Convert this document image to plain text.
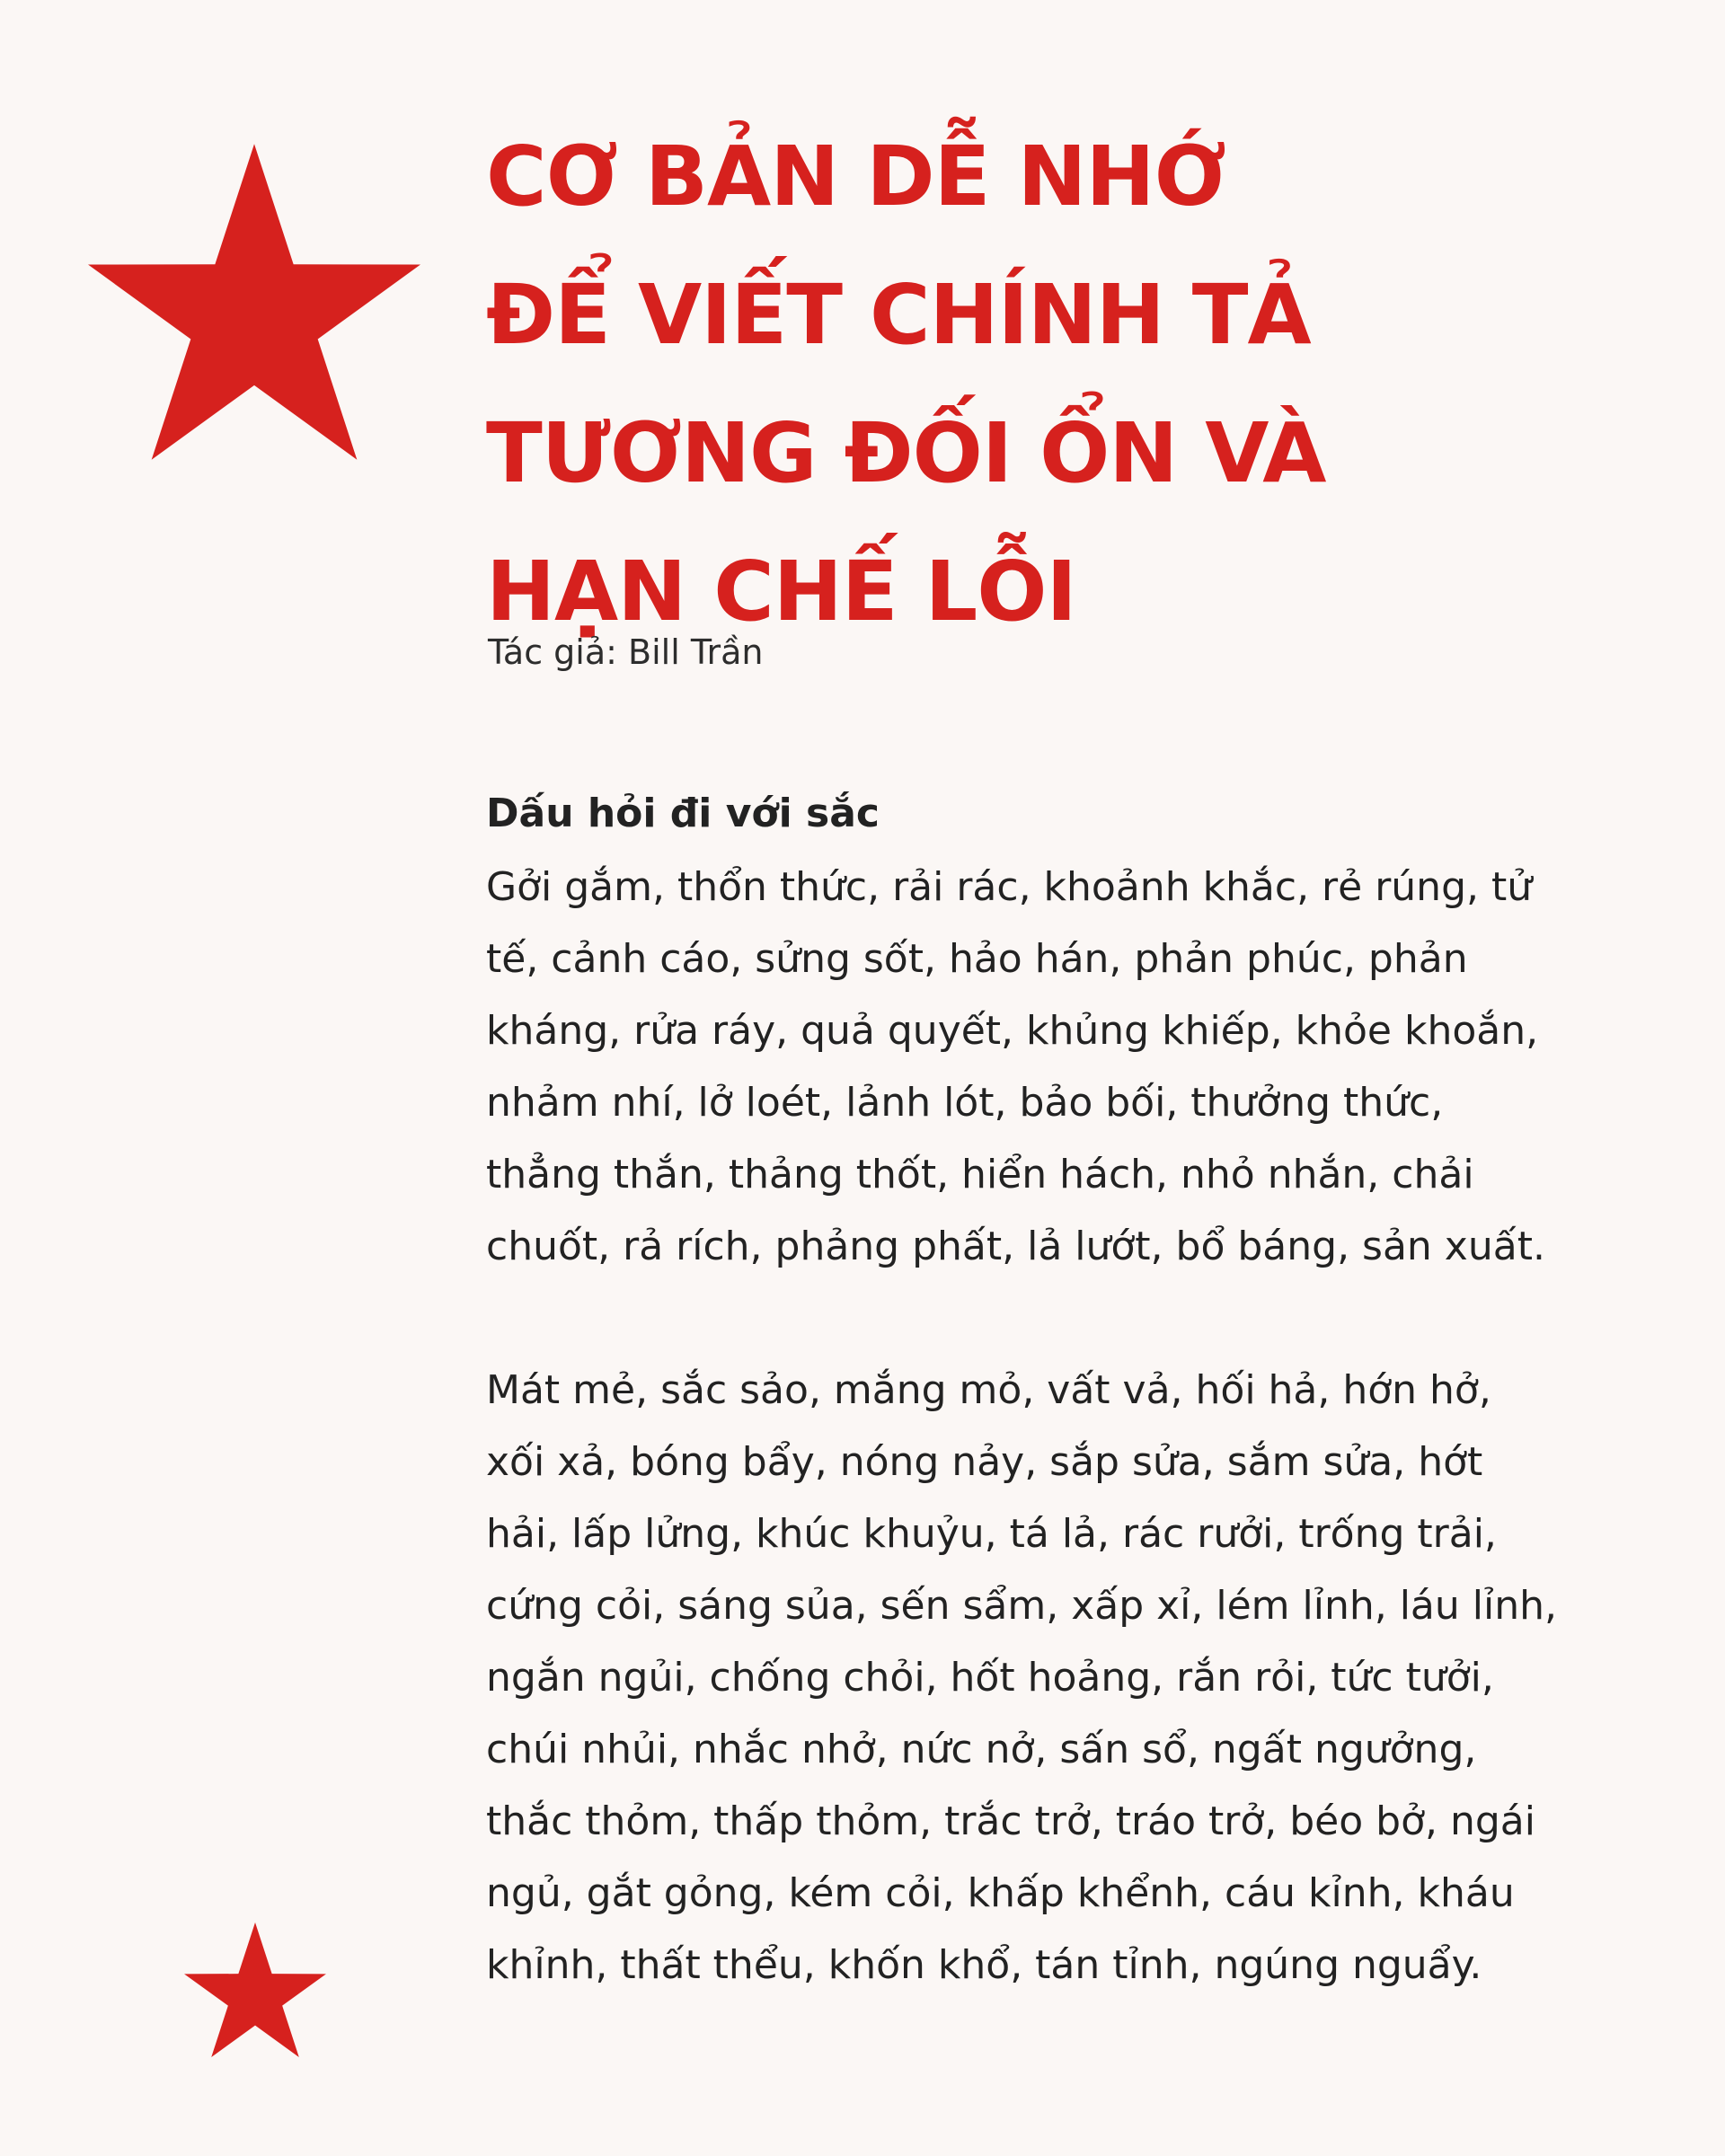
CƠ BẢN DỄ NHỚ
ĐỂ VIẾT CHÍNH TẢ
TƯƠNG ĐỐI ỔN VÀ
HẠN CHẾ LỖI
Tác giả: Bill Trần
Dấu hỏi đi với sắc
Gởi gắm, thổn thức, rải rác, khoảnh khắc, rẻ rúng, tử
tế, cảnh cáo, sửng sốt, hảo hán, phản phúc, phản
kháng, rửa ráy, quả quyết, khủng khiếp, khỏe khoắn,
nhảm nhí, lở loét, lảnh lót, bảo bối, thưởng thức,
thẳng thắn, thảng thốt, hiển hách, nhỏ nhắn, chải
chuốt, rả rích, phảng phất, lả lướt, bổ báng, sản xuất.
Mát mẻ, sắc sảo, mắng mỏ, vất vả, hối hả, hớn hở,
xối xả, bóng bẩy, nóng nảy, sắp sửa, sắm sửa, hớt
hải, lấp lửng, khúc khuỷu, tá lả, rác rưởi, trống trải,
cứng cỏi, sáng sủa, sến sẩm, xấp xỉ, lém lỉnh, láu lỉnh,
ngắn ngủi, chống chỏi, hốt hoảng, rắn rỏi, tức tưởi,
chúi nhủi, nhắc nhở, nức nở, sấn sổ, ngất ngưởng,
thắc thỏm, thấp thỏm, trắc trở, tráo trở, béo bở, ngái
ngủ, gắt gỏng, kém cỏi, khấp khểnh, cáu kỉnh, kháu
khỉnh, thất thểu, khốn khổ, tán tỉnh, ngúng nguẩy.
